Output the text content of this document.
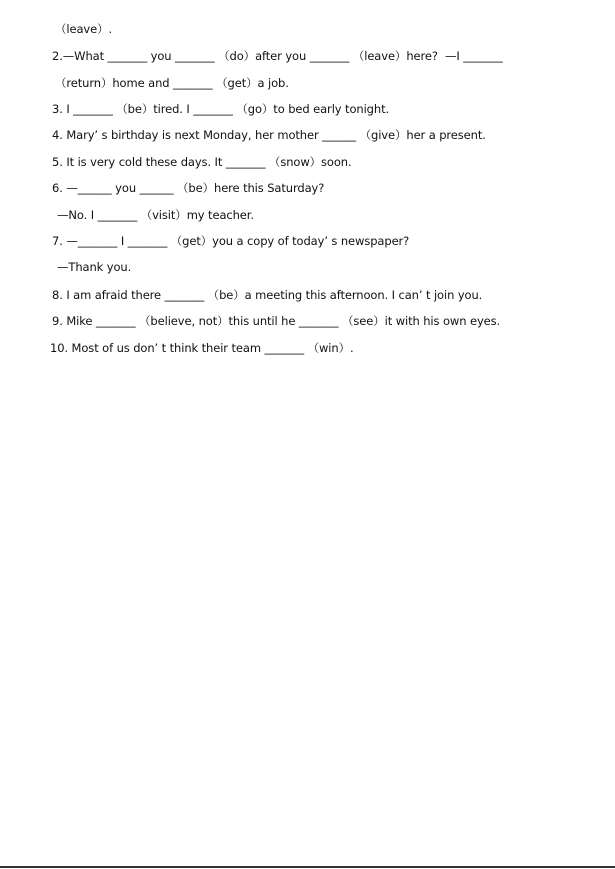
（leave）.
2.—What _______ you _______ （do）after you _______ （leave）here?  —I _______
（return）home and _______ （get）a job.
3. I _______ （be）tired. I _______ （go）to bed early tonight.
4. Mary’ s birthday is next Monday, her mother ______ （give）her a present.
5. It is very cold these days. It _______ （snow）soon.
6. —______ you ______ （be）here this Saturday?
—No. I _______ （visit）my teacher.
7. —_______ I _______ （get）you a copy of today’ s newspaper?
—Thank you.
8. I am afraid there _______ （be）a meeting this afternoon. I can’ t join you.
9. Mike _______ （believe, not）this until he _______ （see）it with his own eyes.
10. Most of us don’ t think their team _______ （win）.
